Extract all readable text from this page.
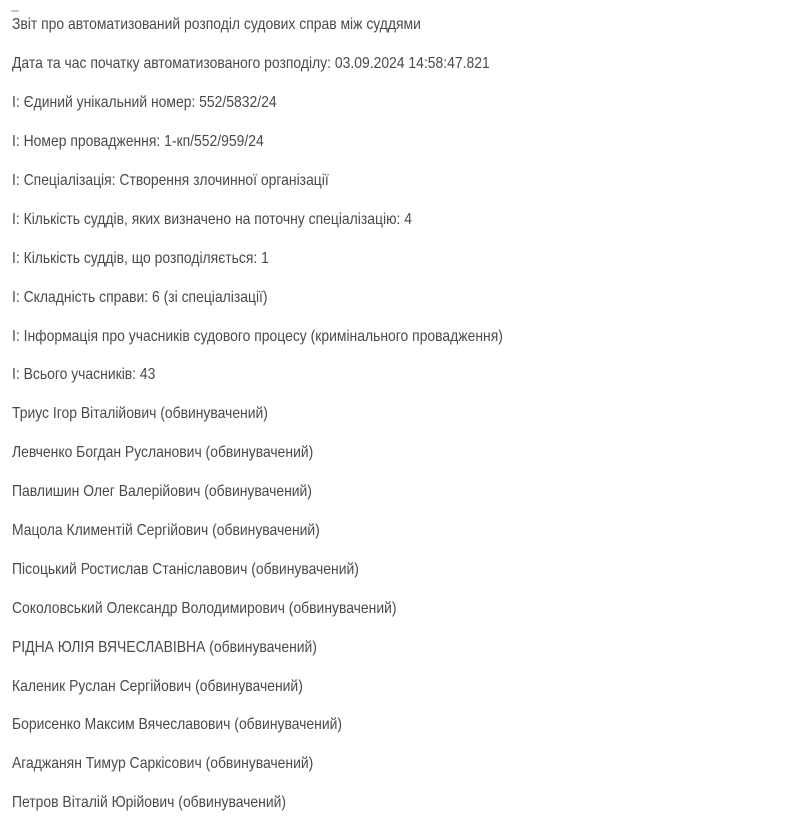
Звіт про автоматизований розподіл судових справ між суддями
Дата та час початку автоматизованого розподілу: 03.09.2024 14:58:47.821
І: Єдиний унікальний номер: 552/5832/24
І: Номер провадження: 1-кп/552/959/24
І: Спеціалізація: Створення злочинної організації
І: Кількість суддів, яких визначено на поточну спеціалізацію: 4
І: Кількість суддів, що розподіляється: 1
І: Складність справи: 6 (зі спеціалізації)
І: Інформація про учасників судового процесу (кримінального провадження)
І: Всього учасників: 43
Триус Ігор Віталійович (обвинувачений)
Левченко Богдан Русланович (обвинувачений)
Павлишин Олег Валерійович (обвинувачений)
Мацола Климентій Сергійович (обвинувачений)
Пісоцький Ростислав Станіславович (обвинувачений)
Соколовський Олександр Володимирович (обвинувачений)
РІДНА ЮЛІЯ ВЯЧЕСЛАВІВНА (обвинувачений)
Каленик Руслан Сергійович (обвинувачений)
Борисенко Максим Вячеславович (обвинувачений)
Агаджанян Тимур Саркісович (обвинувачений)
Петров Віталій Юрійович (обвинувачений)
